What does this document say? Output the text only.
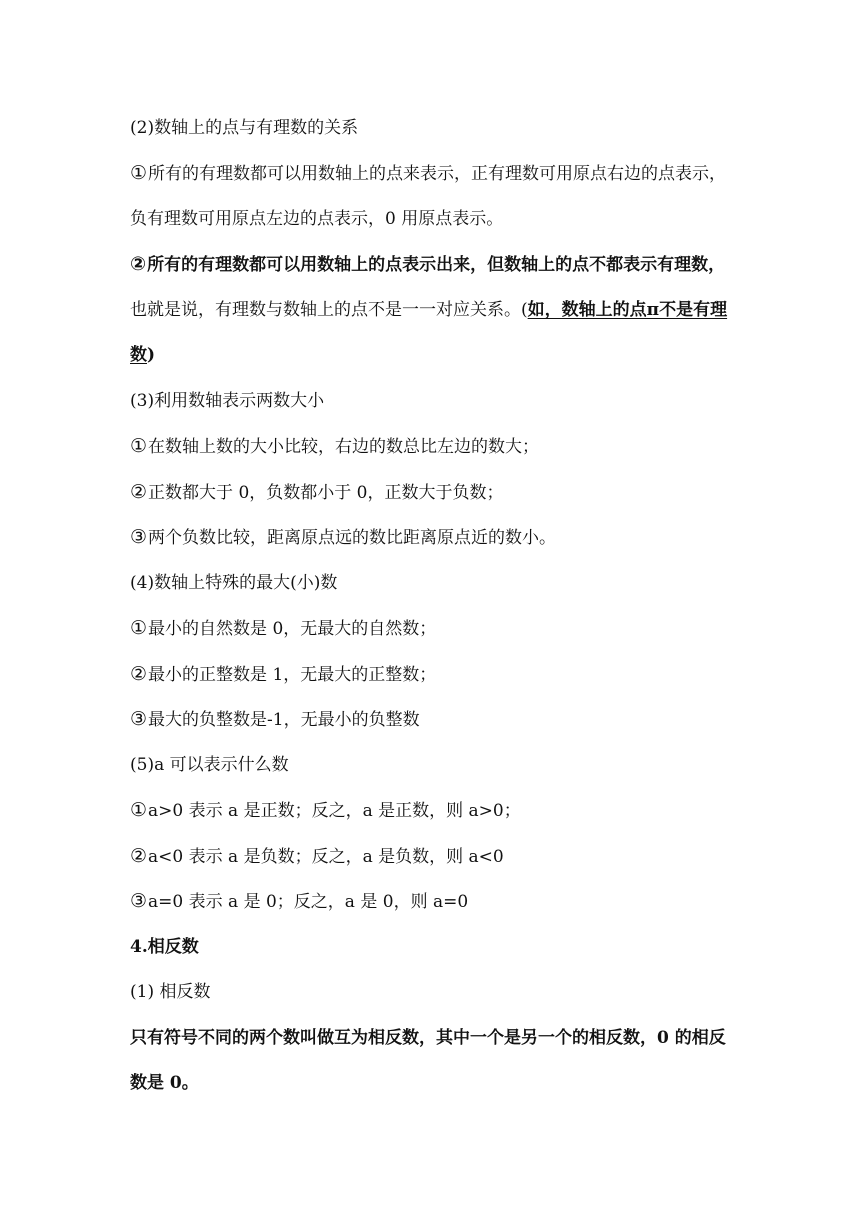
(2)数轴上的点与有理数的关系
①所有的有理数都可以用数轴上的点来表示，正有理数可用原点右边的点表示，
负有理数可用原点左边的点表示，0 用原点表示。
②所有的有理数都可以用数轴上的点表示出来，但数轴上的点不都表示有理数，
也就是说，有理数与数轴上的点不是一一对应关系。(如，数轴上的点π不是有理
数)
(3)利用数轴表示两数大小
①在数轴上数的大小比较，右边的数总比左边的数大；
②正数都大于 0，负数都小于 0，正数大于负数；
③两个负数比较，距离原点远的数比距离原点近的数小。
(4)数轴上特殊的最大(小)数
①最小的自然数是 0，无最大的自然数；
②最小的正整数是 1，无最大的正整数；
③最大的负整数是-1，无最小的负整数
(5)a 可以表示什么数
①a>0 表示 a 是正数；反之，a 是正数，则 a>0；
②a<0 表示 a 是负数；反之，a 是负数，则 a<0
③a=0 表示 a 是 0；反之，a 是 0，则 a=0
4.相反数
(1) 相反数
只有符号不同的两个数叫做互为相反数，其中一个是另一个的相反数，0 的相反
数是 0。
